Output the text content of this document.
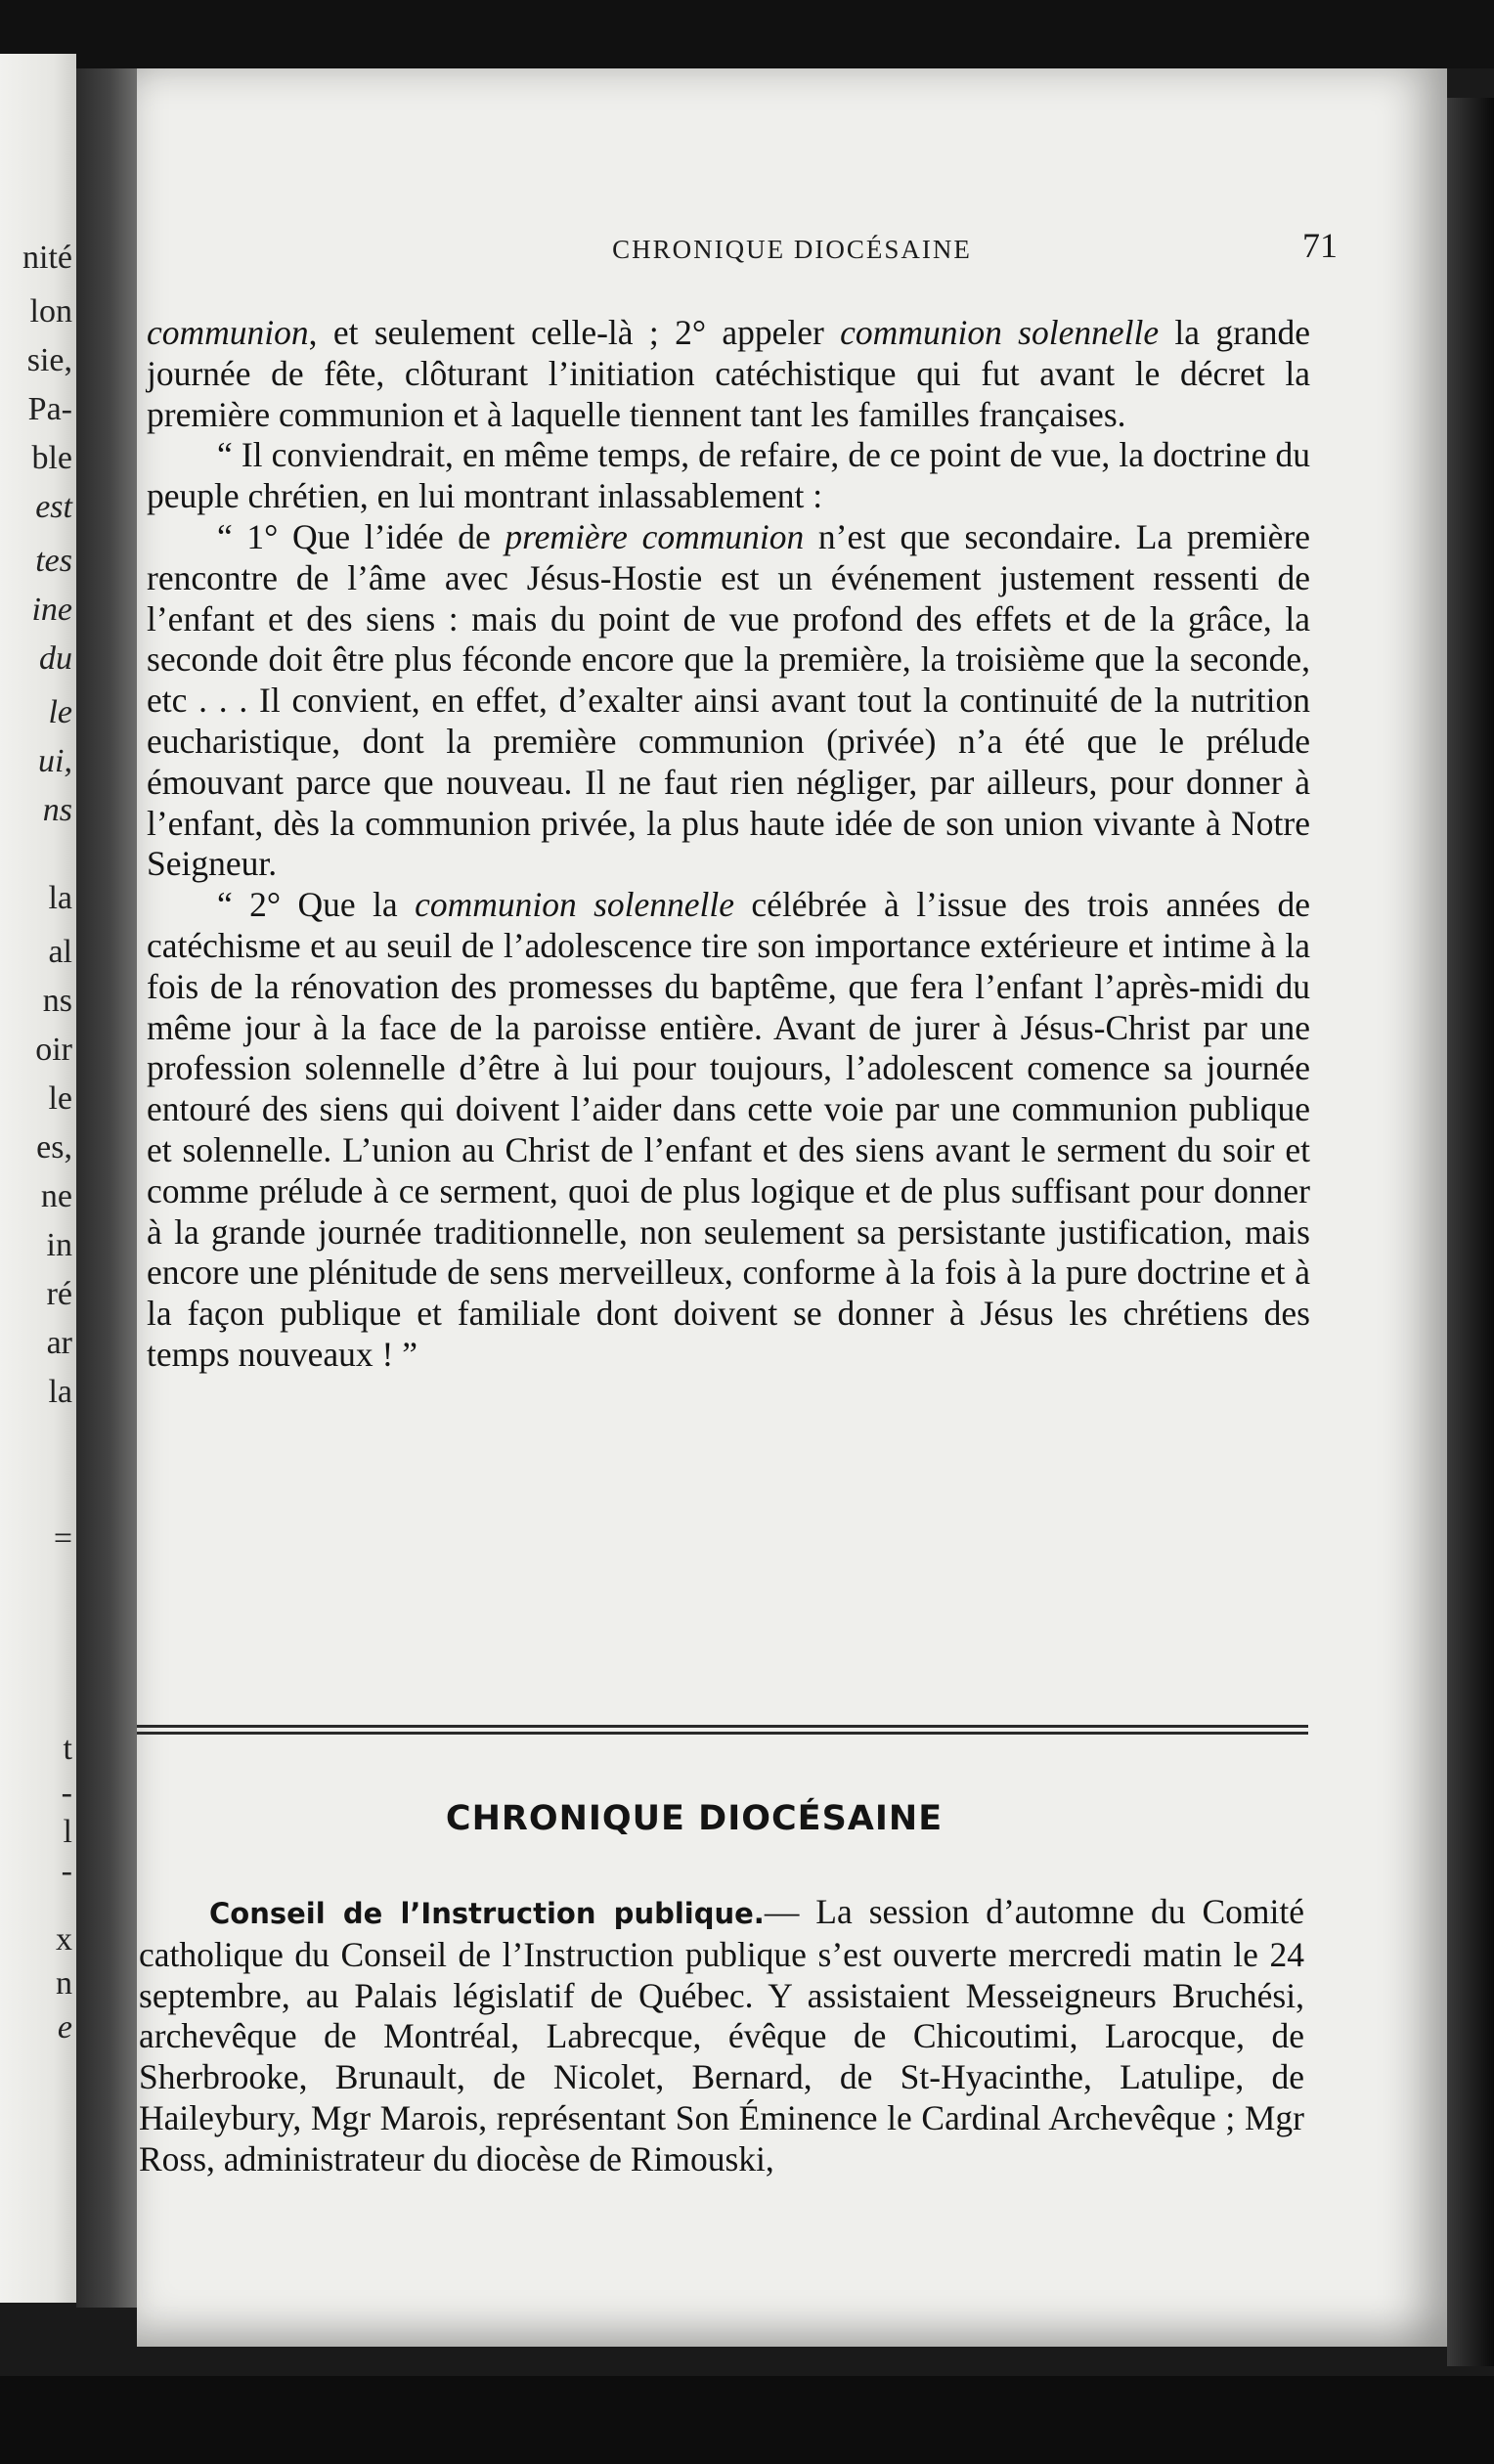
nité
lon
sie,
Pa-
ble
est
tes
ine
du
le
ui,
ns
la
al
ns
oir
le
es,
ne
in
ré
ar
la
=
t
-
l
-
x
n
e
CHRONIQUE DIOCÉSAINE	71

communion, et seulement celle-là ; 2° appeler communion solennelle la grande journée de fête, clôturant l’initiation catéchistique qui fut avant le décret la première communion et à laquelle tiennent tant les familles françaises.

“ Il conviendrait, en même temps, de refaire, de ce point de vue, la doctrine du peuple chrétien, en lui montrant inlassablement :

“ 1° Que l’idée de première communion n’est que secondaire. La première rencontre de l’âme avec Jésus-Hostie est un événement justement ressenti de l’enfant et des siens : mais du point de vue profond des effets et de la grâce, la seconde doit être plus féconde encore que la première, la troisième que la seconde, etc . . . Il convient, en effet, d’exalter ainsi avant tout la continuité de la nutrition eucharistique, dont la première communion (privée) n’a été que le prélude émouvant parce que nouveau. Il ne faut rien négliger, par ailleurs, pour donner à l’enfant, dès la communion privée, la plus haute idée de son union vivante à Notre Seigneur.

“ 2° Que la communion solennelle célébrée à l’issue des trois années de catéchisme et au seuil de l’adolescence tire son importance extérieure et intime à la fois de la rénovation des promesses du baptême, que fera l’enfant l’après-midi du même jour à la face de la paroisse entière. Avant de jurer à Jésus-Christ par une profession solennelle d’être à lui pour toujours, l’adolescent comence sa journée entouré des siens qui doivent l’aider dans cette voie par une communion publique et solennelle. L’union au Christ de l’enfant et des siens avant le serment du soir et comme prélude à ce serment, quoi de plus logique et de plus suffisant pour donner à la grande journée traditionnelle, non seulement sa persistante justification, mais encore une plénitude de sens merveilleux, conforme à la fois à la pure doctrine et à la façon publique et familiale dont doivent se donner à Jésus les chrétiens des temps nouveaux ! ”

CHRONIQUE DIOCÉSAINE

Conseil de l’Instruction publique.— La session d’automne du Comité catholique du Conseil de l’Instruction publique s’est ouverte mercredi matin le 24 septembre, au Palais législatif de Québec. Y assistaient Messeigneurs Bruchési, archevêque de Montréal, Labrecque, évêque de Chicoutimi, Larocque, de Sherbrooke, Brunault, de Nicolet, Bernard, de St-Hyacinthe, Latulipe, de Haileybury, Mgr Marois, représentant Son Éminence le Cardinal Archevêque ; Mgr Ross, administrateur du diocèse de Rimouski,
